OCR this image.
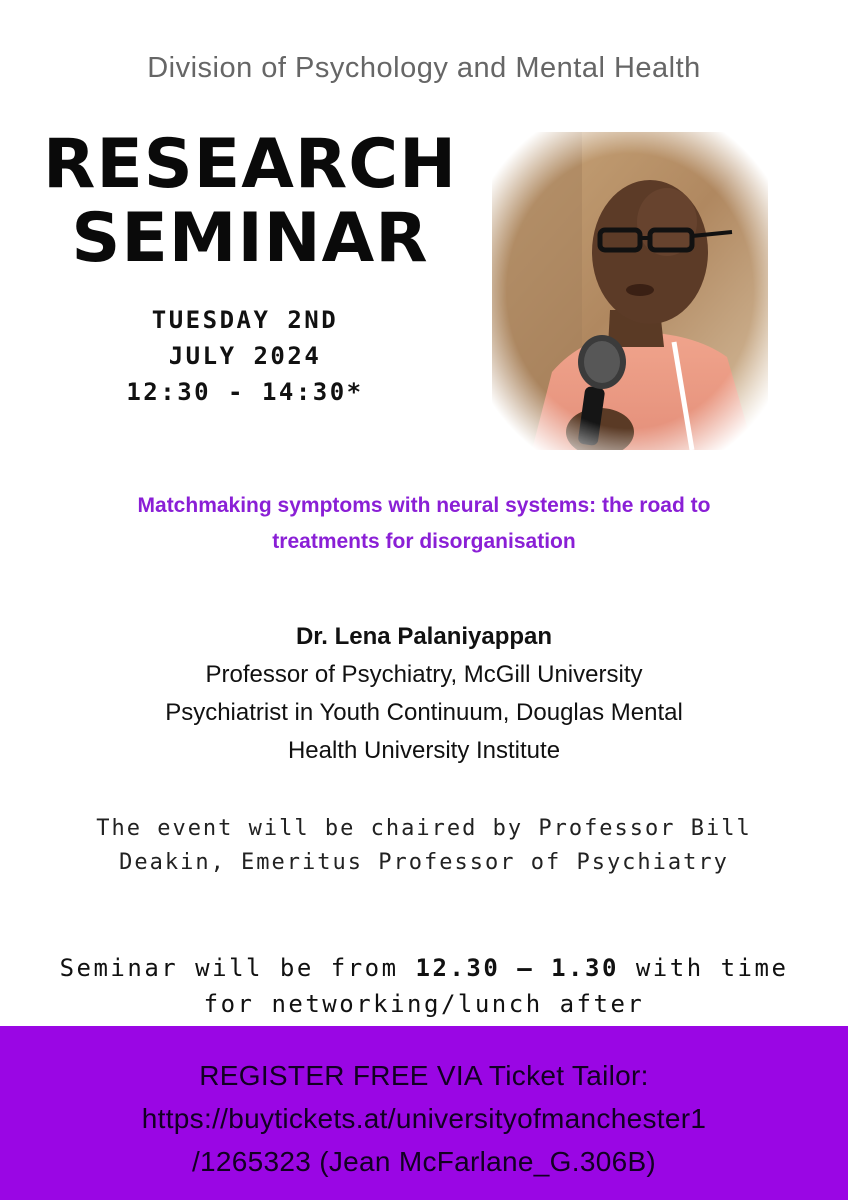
Division of Psychology and Mental Health
RESEARCH
SEMINAR
TUESDAY 2ND
JULY 2024
12:30 - 14:30*
Matchmaking symptoms with neural systems: the road to
treatments for disorganisation
Dr. Lena Palaniyappan
Professor of Psychiatry, McGill University
Psychiatrist in Youth Continuum, Douglas Mental
Health University Institute
The event will be chaired by Professor Bill
Deakin, Emeritus Professor of Psychiatry
Seminar will be from 12.30 – 1.30 with time
for networking/lunch after
REGISTER FREE VIA Ticket Tailor:
https://buytickets.at/universityofmanchester1
/1265323 (Jean McFarlane_G.306B)
